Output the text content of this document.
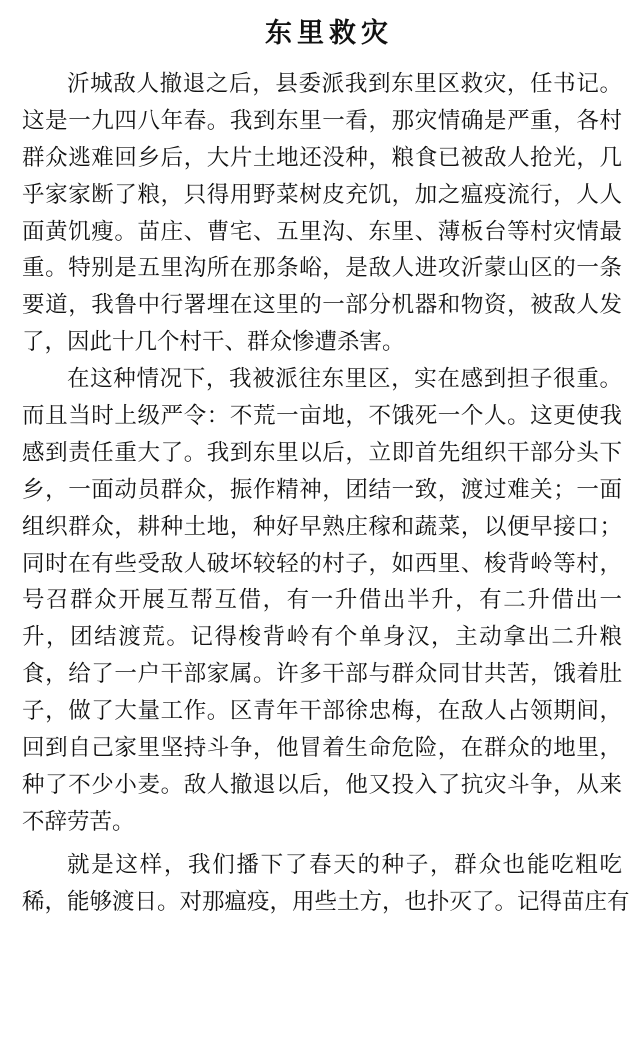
东里救灾
沂城敌人撤退之后，县委派我到东里区救灾，任书记。
这是一九四八年春。我到东里一看，那灾情确是严重，各村
群众逃难回乡后，大片土地还没种，粮食已被敌人抢光，几
乎家家断了粮，只得用野菜树皮充饥，加之瘟疫流行，人人
面黄饥瘦。苗庄、曹宅、五里沟、东里、薄板台等村灾情最
重。特别是五里沟所在那条峪，是敌人进攻沂蒙山区的一条
要道，我鲁中行署埋在这里的一部分机器和物资，被敌人发
了，因此十几个村干、群众惨遭杀害。
在这种情况下，我被派往东里区，实在感到担子很重。
而且当时上级严令：不荒一亩地，不饿死一个人。这更使我
感到责任重大了。我到东里以后，立即首先组织干部分头下
乡，一面动员群众，振作精神，团结一致，渡过难关；一面
组织群众，耕种土地，种好早熟庄稼和蔬菜，以便早接口；
同时在有些受敌人破坏较轻的村子，如西里、梭背岭等村，
号召群众开展互帮互借，有一升借出半升，有二升借出一
升，团结渡荒。记得梭背岭有个单身汉，主动拿出二升粮
食，给了一户干部家属。许多干部与群众同甘共苦，饿着肚
子，做了大量工作。区青年干部徐忠梅，在敌人占领期间，
回到自己家里坚持斗争，他冒着生命危险，在群众的地里，
种了不少小麦。敌人撤退以后，他又投入了抗灾斗争，从来
不辞劳苦。
就是这样，我们播下了春天的种子，群众也能吃粗吃
稀，能够渡日。对那瘟疫，用些土方，也扑灭了。记得苗庄有
